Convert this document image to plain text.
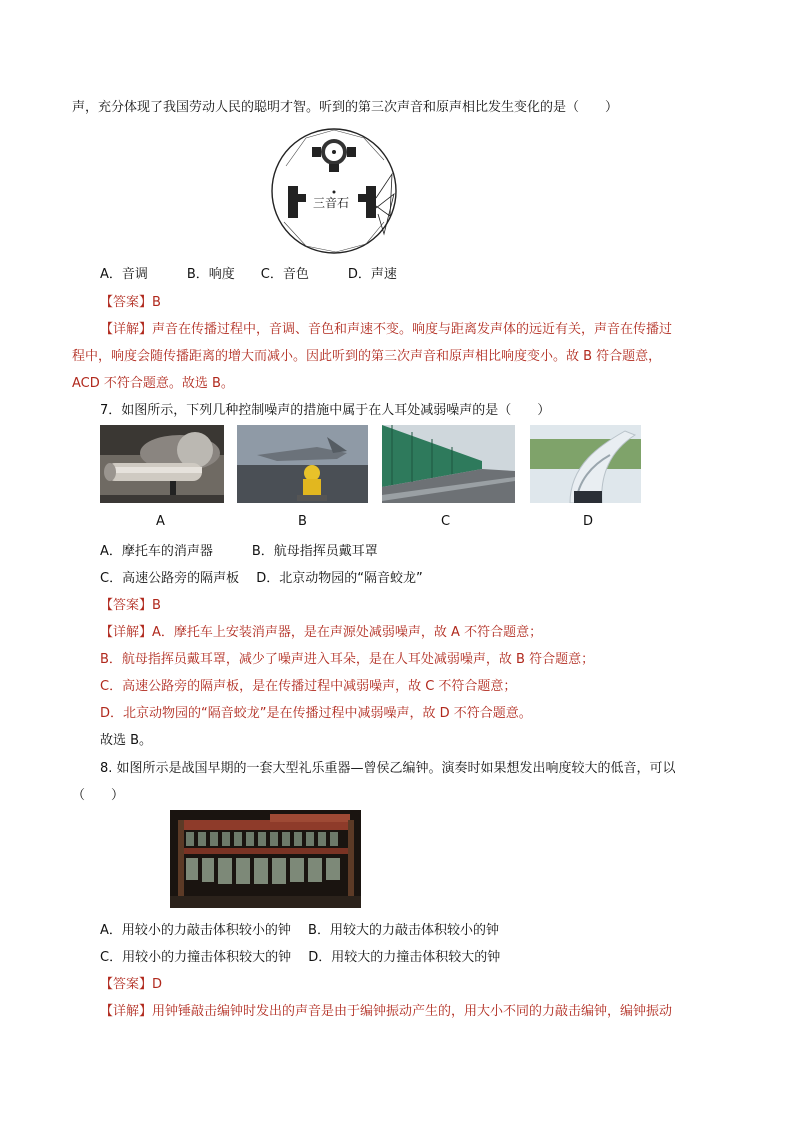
声，充分体现了我国劳动人民的聪明才智。听到的第三次声音和原声相比发生变化的是（　　）
三音石
A．音调　　　B．响度　　C．音色　　　D．声速
【答案】B
【详解】声音在传播过程中，音调、音色和声速不变。响度与距离发声体的远近有关，声音在传播过
程中，响度会随传播距离的增大而减小。因此听到的第三次声音和原声相比响度变小。故 B 符合题意，
ACD 不符合题意。故选 B。
7．如图所示，下列几种控制噪声的措施中属于在人耳处减弱噪声的是（　　）
A	B	C	D
A．摩托车的消声器　　　B．航母指挥员戴耳罩
C．高速公路旁的隔声板　 D．北京动物园的“隔音蛟龙”
【答案】B
【详解】A．摩托车上安装消声器，是在声源处减弱噪声，故 A 不符合题意；
B．航母指挥员戴耳罩，减少了噪声进入耳朵，是在人耳处减弱噪声，故 B 符合题意；
C．高速公路旁的隔声板，是在传播过程中减弱噪声，故 C 不符合题意；
D．北京动物园的“隔音蛟龙”是在传播过程中减弱噪声，故 D 不符合题意。
故选 B。
8. 如图所示是战国早期的一套大型礼乐重器—曾侯乙编钟。演奏时如果想发出响度较大的低音，可以
（　　）
A．用较小的力敲击体积较小的钟　 B．用较大的力敲击体积较小的钟
C．用较小的力撞击体积较大的钟　 D．用较大的力撞击体积较大的钟
【答案】D
【详解】用钟锤敲击编钟时发出的声音是由于编钟振动产生的，用大小不同的力敲击编钟，编钟振动
